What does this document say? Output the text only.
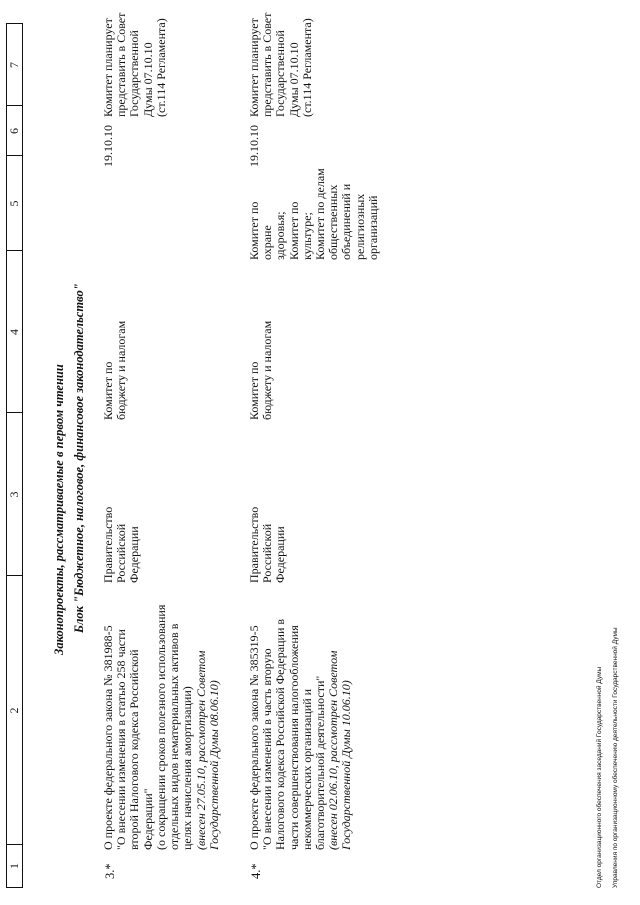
1
2
3
4
5
6
7
Законопроекты, рассматриваемые в первом чтении Блок "Бюджетное, налоговое, финансовое законодательство"
3.*
О проекте федерального закона № 381988-5
"О внесении изменения в статью 258 части
второй Налогового кодекса Российской
Федерации"
(о сокращении сроков полезного использования
отдельных видов нематериальных активов в
целях начисления амортизации)
(внесен 27.05.10, рассмотрен Советом
Государственной Думы 08.06.10)
Правительство
Российской
Федерации
Комитет по
бюджету и налогам
19.10.10
Комитет планирует
представить в Совет
Государственной
Думы 07.10.10
(ст.114 Регламента)
4.*
О проекте федерального закона № 385319-5
"О внесении изменений в часть вторую
Налогового кодекса Российской Федерации в
части совершенствования налогообложения
некоммерческих организаций и
благотворительной деятельности"
(внесен 02.06.10, рассмотрен Советом
Государственной Думы 10.06.10)
Правительство
Российской
Федерации
Комитет по
бюджету и налогам
Комитет по охране
здоровья;
Комитет по
культуре;
Комитет по делам
общественных
объединений и
религиозных
организаций
19.10.10
Комитет планирует
представить в Совет
Государственной
Думы 07.10.10
(ст.114 Регламента)

Отдел организационного обеспечения заседаний Государственной Думы Управления по организационному обеспечению деятельности Государственной Думы
